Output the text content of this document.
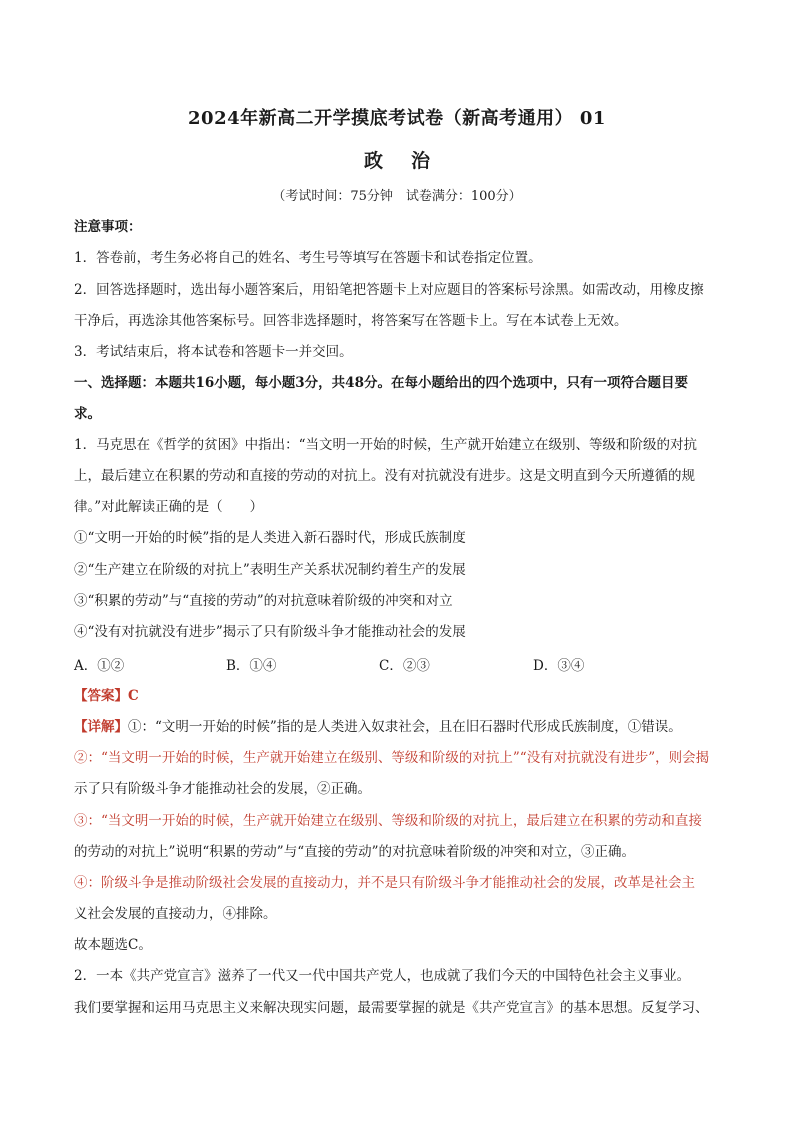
2024年新高二开学摸底考试卷（新高考通用） 01
政 治
（考试时间：75分钟　试卷满分：100分）
注意事项：
1．答卷前，考生务必将自己的姓名、考生号等填写在答题卡和试卷指定位置。
2．回答选择题时，选出每小题答案后，用铅笔把答题卡上对应题目的答案标号涂黑。如需改动，用橡皮擦
干净后，再选涂其他答案标号。回答非选择题时，将答案写在答题卡上。写在本试卷上无效。
3．考试结束后，将本试卷和答题卡一并交回。
一、选择题：本题共16小题，每小题3分，共48分。在每小题给出的四个选项中，只有一项符合题目要
求。
1．马克思在《哲学的贫困》中指出：“当文明一开始的时候，生产就开始建立在级别、等级和阶级的对抗
上，最后建立在积累的劳动和直接的劳动的对抗上。没有对抗就没有进步。这是文明直到今天所遵循的规
律。”对此解读正确的是（　　）
①“文明一开始的时候”指的是人类进入新石器时代，形成氏族制度
②“生产建立在阶级的对抗上”表明生产关系状况制约着生产的发展
③“积累的劳动”与“直接的劳动”的对抗意味着阶级的冲突和对立
④“没有对抗就没有进步”揭示了只有阶级斗争才能推动社会的发展
A．①②	B．①④	C．②③	D．③④
【答案】C
【详解】①：“文明一开始的时候”指的是人类进入奴隶社会，且在旧石器时代形成氏族制度，①错误。
②：“当文明一开始的时候，生产就开始建立在级别、等级和阶级的对抗上”“没有对抗就没有进步”，则会揭
示了只有阶级斗争才能推动社会的发展，②正确。
③：“当文明一开始的时候，生产就开始建立在级别、等级和阶级的对抗上，最后建立在积累的劳动和直接
的劳动的对抗上”说明“积累的劳动”与“直接的劳动”的对抗意味着阶级的冲突和对立，③正确。
④：阶级斗争是推动阶级社会发展的直接动力，并不是只有阶级斗争才能推动社会的发展，改革是社会主
义社会发展的直接动力，④排除。
故本题选C。
2．一本《共产党宣言》滋养了一代又一代中国共产党人，也成就了我们今天的中国特色社会主义事业。
我们要掌握和运用马克思主义来解决现实问题，最需要掌握的就是《共产党宣言》的基本思想。反复学习、
